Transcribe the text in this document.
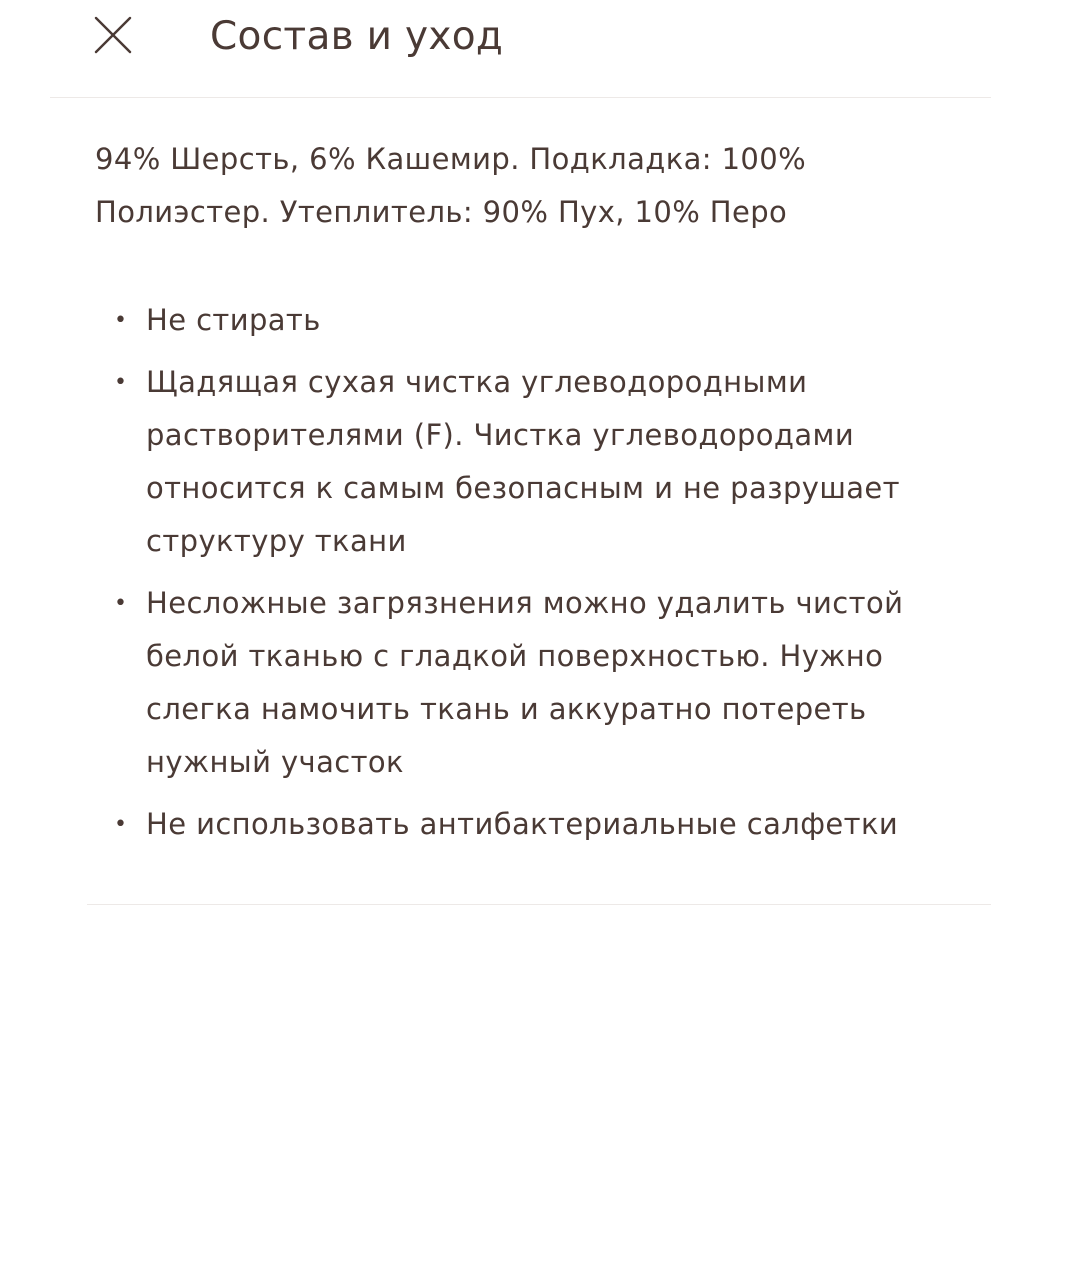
Состав и уход

94% Шерсть, 6% Кашемир. Подкладка: 100% Полиэстер. Утеплитель: 90% Пух, 10% Перо

• Не стирать
• Щадящая сухая чистка углеводородными растворителями (F). Чистка углеводородами относится к самым безопасным и не разрушает структуру ткани
• Несложные загрязнения можно удалить чистой белой тканью с гладкой поверхностью. Нужно слегка намочить ткань и аккуратно потереть нужный участок
• Не использовать антибактериальные салфетки
